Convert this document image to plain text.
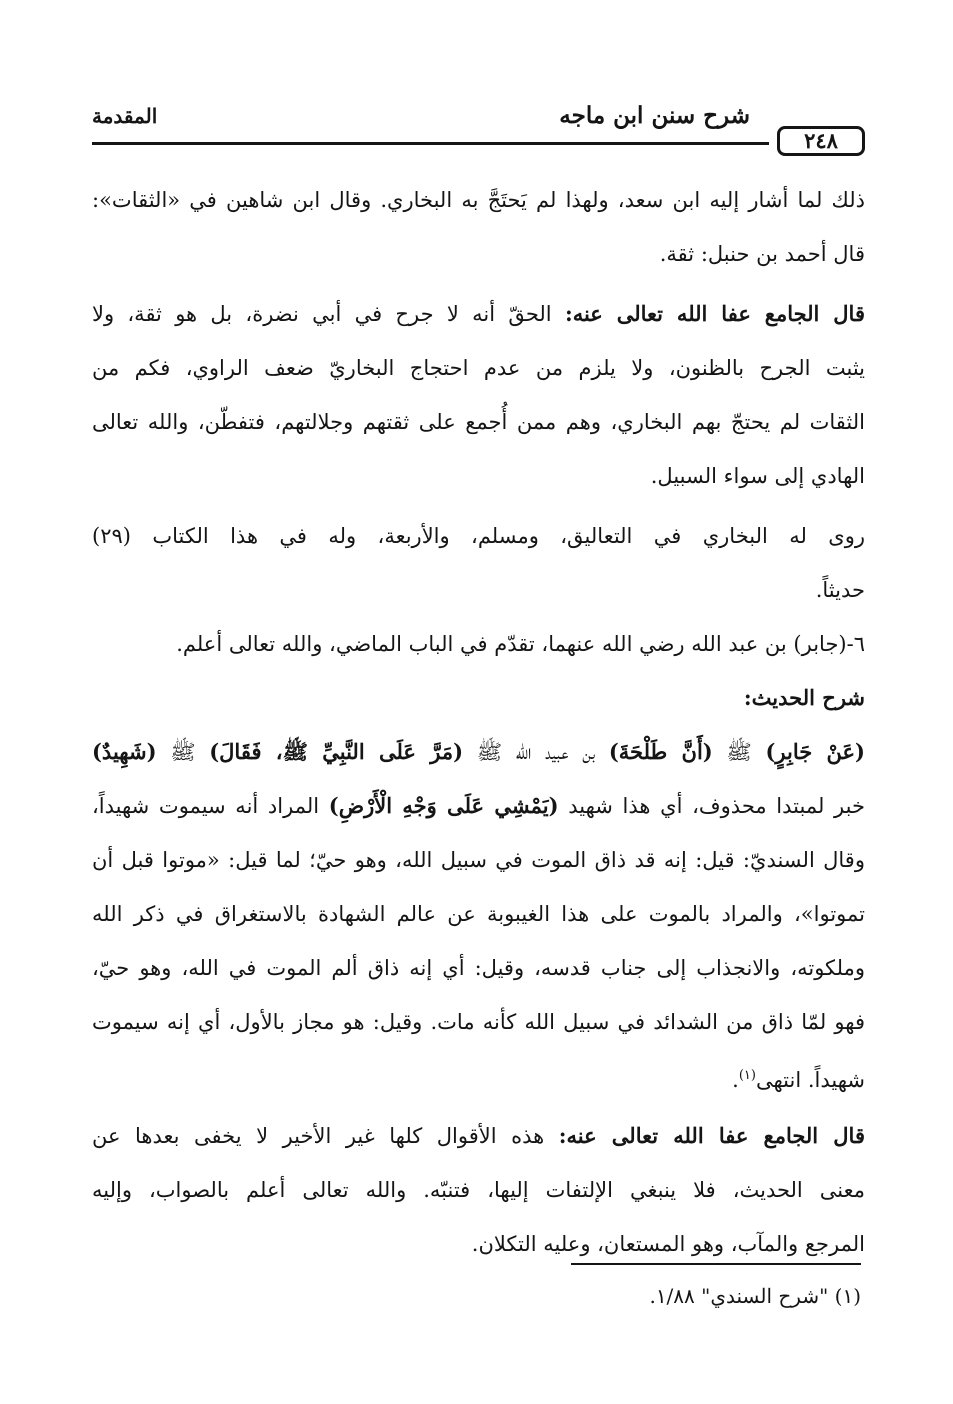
شرح سنن ابن ماجه
المقدمة
٢٤٨
ذلك لما أشار إليه ابن سعد، ولهذا لم يَحتَجَّ به البخاري. وقال ابن شاهين في «الثقات»:
قال أحمد بن حنبل: ثقة.
قال الجامع عفا الله تعالى عنه: الحقّ أنه لا جرح في أبي نضرة، بل هو ثقة، ولا
يثبت الجرح بالظنون، ولا يلزم من عدم احتجاج البخاريّ ضعف الراوي، فكم من
الثقات لم يحتجّ بهم البخاري، وهم ممن أُجمع على ثقتهم وجلالتهم، فتفطّن، والله تعالى
الهادي إلى سواء السبيل.
روى له البخاري في التعاليق، ومسلم، والأربعة، وله في هذا الكتاب (٢٩)
حديثاً.
٦-(جابر) بن عبد الله رضي الله عنهما، تقدّم في الباب الماضي، والله تعالى أعلم.
شرح الحديث:
(عَنْ جَابِرٍ) ﷺ (أَنَّ طَلْحَةَ) بن عبيد الله ﷺ (مَرَّ عَلَى النَّبِيِّ ﷺ، فَقَالَ) ﷺ (شَهِيدٌ)
خبر لمبتدا محذوف، أي هذا شهيد (يَمْشِي عَلَى وَجْهِ الْأَرْضِ) المراد أنه سيموت شهيداً،
وقال السنديّ: قيل: إنه قد ذاق الموت في سبيل الله، وهو حيّ؛ لما قيل: «موتوا قبل أن
تموتوا»، والمراد بالموت على هذا الغيبوبة عن عالم الشهادة بالاستغراق في ذكر الله
وملكوته، والانجذاب إلى جناب قدسه، وقيل: أي إنه ذاق ألم الموت في الله، وهو حيّ،
فهو لمّا ذاق من الشدائد في سبيل الله كأنه مات. وقيل: هو مجاز بالأول، أي إنه سيموت
شهيداً. انتهى$^{(١)}$.
قال الجامع عفا الله تعالى عنه: هذه الأقوال كلها غير الأخير لا يخفى بعدها عن
معنى الحديث، فلا ينبغي الإلتفات إليها، فتنبّه. والله تعالى أعلم بالصواب، وإليه
المرجع والمآب، وهو المستعان، وعليه التكلان.
(١) "شرح السندي" ١/٨٨.
